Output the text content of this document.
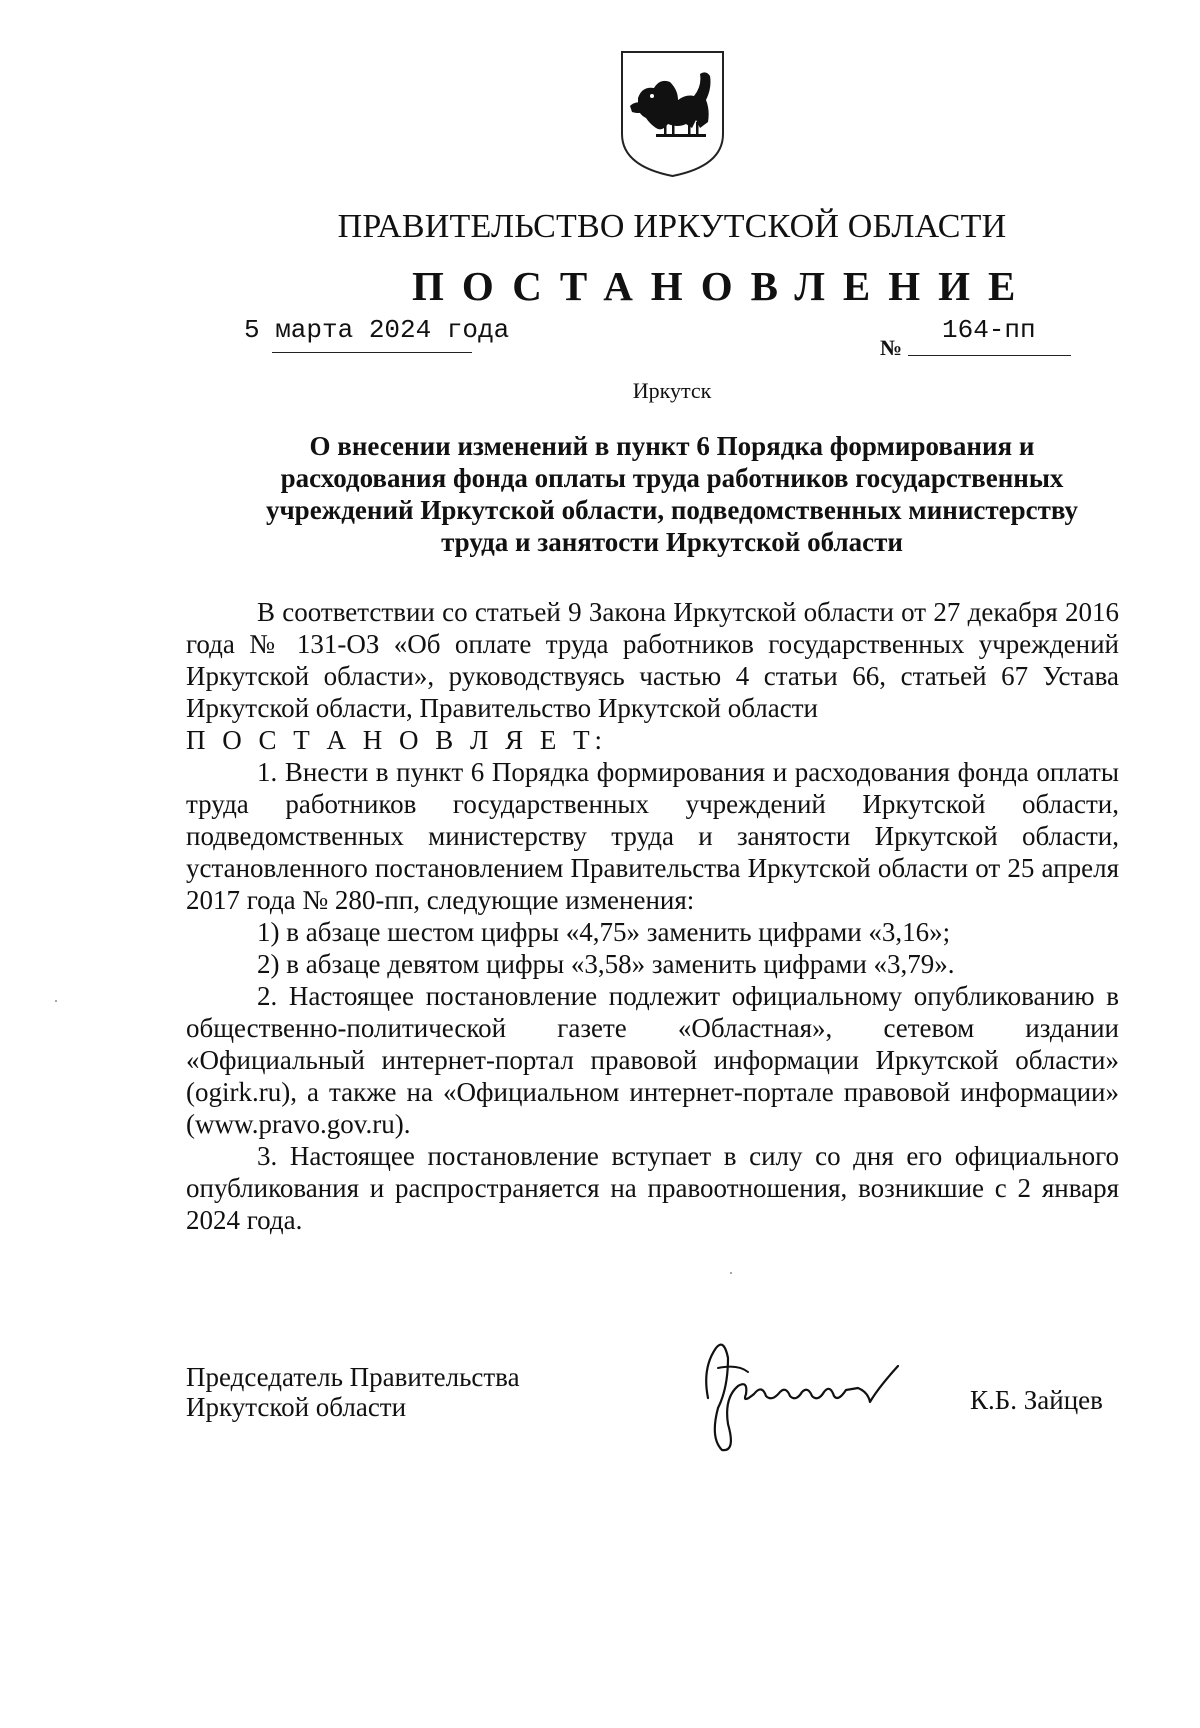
ПРАВИТЕЛЬСТВО ИРКУТСКОЙ ОБЛАСТИ
ПОСТАНОВЛЕНИЕ
5 марта 2024 года
№
164-пп
Иркутск
О внесении изменений в пункт 6 Порядка формирования и
расходования фонда оплаты труда работников государственных
учреждений Иркутской области, подведомственных министерству
труда и занятости Иркутской области

В соответствии со статьей 9 Закона Иркутской области от 27 декабря 2016 года № 131-ОЗ «Об оплате труда работников государственных учреждений Иркутской области», руководствуясь частью 4 статьи 66, статьей 67 Устава Иркутской области, Правительство Иркутской области

П О С Т А Н О В Л Я Е Т:

1. Внести в пункт 6 Порядка формирования и расходования фонда оплаты труда работников государственных учреждений Иркутской области, подведомственных министерству труда и занятости Иркутской области, установленного постановлением Правительства Иркутской области от 25 апреля 2017 года № 280-пп, следующие изменения:

1) в абзаце шестом цифры «4,75» заменить цифрами «3,16»;

2) в абзаце девятом цифры «3,58» заменить цифрами «3,79».

2. Настоящее постановление подлежит официальному опубликованию в общественно-политической газете «Областная», сетевом издании «Официальный интернет-портал правовой информации Иркутской области» (ogirk.ru), а также на «Официальном интернет-портале правовой информации» (www.pravo.gov.ru).

3. Настоящее постановление вступает в силу со дня его официального опубликования и распространяется на правоотношения, возникшие с 2 января 2024 года.

Председатель Правительства
Иркутской области	К.Б. Зайцев
